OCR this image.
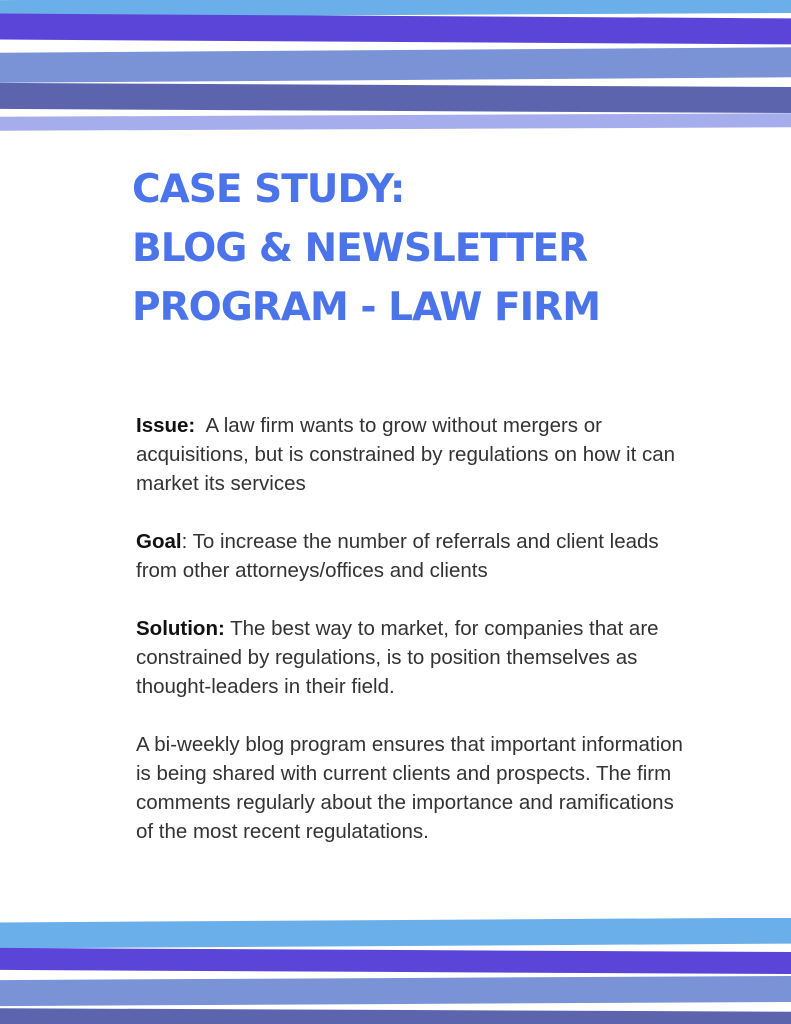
CASE STUDY:
BLOG & NEWSLETTER
PROGRAM - LAW FIRM

Issue:  A law firm wants to grow without mergers or acquisitions, but is constrained by regulations on how it can market its services

Goal: To increase the number of referrals and client leads from other attorneys/offices and clients

Solution: The best way to market, for companies that are constrained by regulations, is to position themselves as thought-leaders in their field.

A bi-weekly blog program ensures that important information is being shared with current clients and prospects. The firm comments regularly about the importance and ramifications of the most recent regulatations.
